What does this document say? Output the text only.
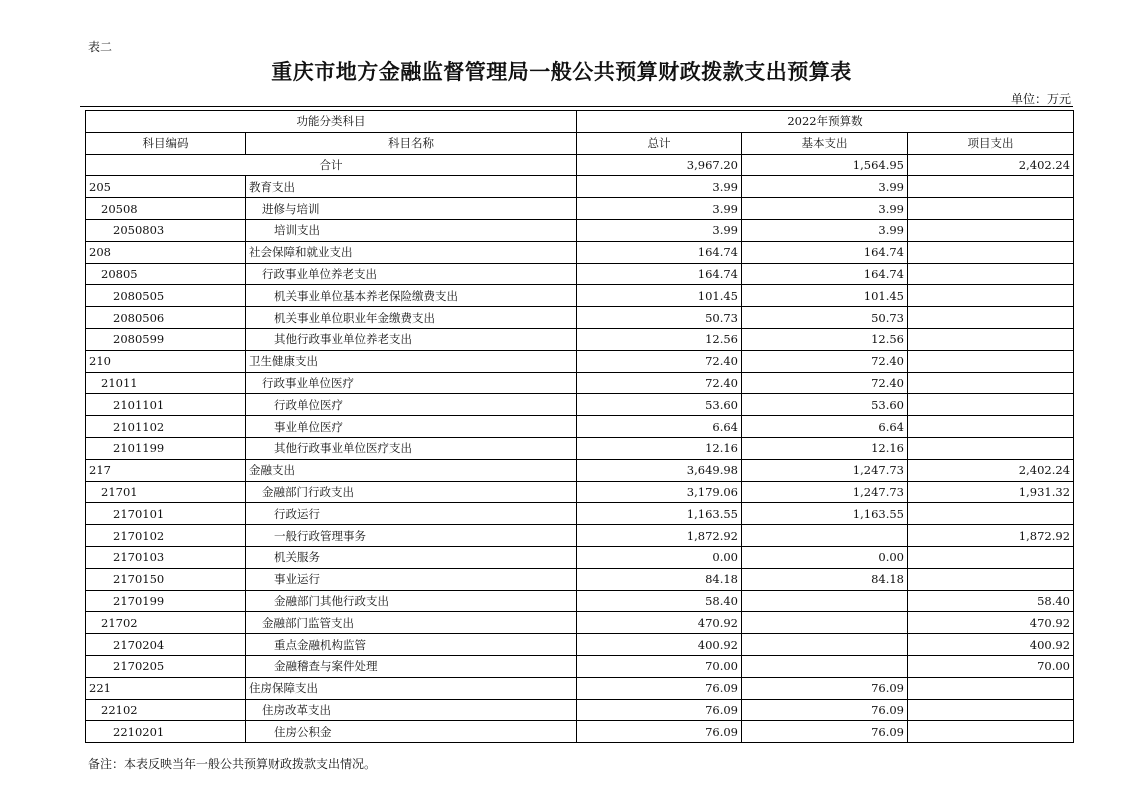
表二
重庆市地方金融监督管理局一般公共预算财政拨款支出预算表
单位：万元
功能分类科目		2022年预算数		
科目编码	科目名称	总计	基本支出	项目支出
合计		3,967.20	1,564.95	2,402.24
205	教育支出	3.99	3.99	
20508	进修与培训	3.99	3.99	
2050803	培训支出	3.99	3.99	
208	社会保障和就业支出	164.74	164.74	
20805	行政事业单位养老支出	164.74	164.74	
2080505	机关事业单位基本养老保险缴费支出	101.45	101.45	
2080506	机关事业单位职业年金缴费支出	50.73	50.73	
2080599	其他行政事业单位养老支出	12.56	12.56	
210	卫生健康支出	72.40	72.40	
21011	行政事业单位医疗	72.40	72.40	
2101101	行政单位医疗	53.60	53.60	
2101102	事业单位医疗	6.64	6.64	
2101199	其他行政事业单位医疗支出	12.16	12.16	
217	金融支出	3,649.98	1,247.73	2,402.24
21701	金融部门行政支出	3,179.06	1,247.73	1,931.32
2170101	行政运行	1,163.55	1,163.55	
2170102	一般行政管理事务	1,872.92		1,872.92
2170103	机关服务	0.00	0.00	
2170150	事业运行	84.18	84.18	
2170199	金融部门其他行政支出	58.40		58.40
21702	金融部门监管支出	470.92		470.92
2170204	重点金融机构监管	400.92		400.92
2170205	金融稽查与案件处理	70.00		70.00
221	住房保障支出	76.09	76.09	
22102	住房改革支出	76.09	76.09	
2210201	住房公积金	76.09	76.09	
备注：本表反映当年一般公共预算财政拨款支出情况。
